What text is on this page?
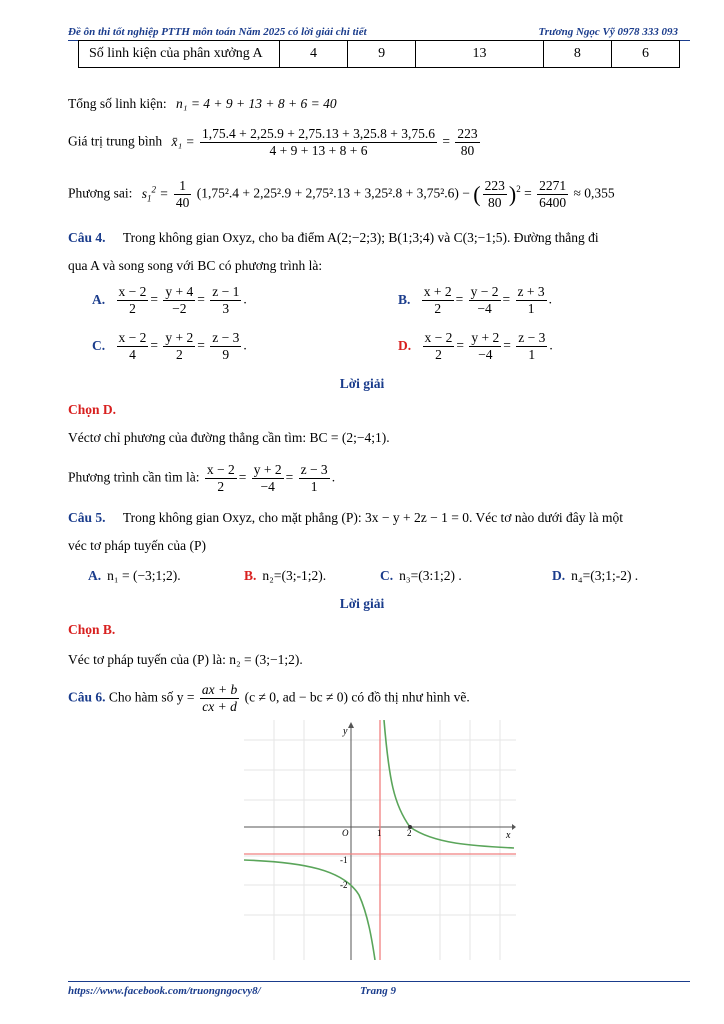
Đề ôn thi tốt nghiệp PTTH môn toán Năm 2025 có lời giải chi tiết	Trương Ngọc Vỹ 0978 333 093
Số linh kiện của phân xưởng A	4	9	13	8	6
Tổng số linh kiện: n₁ = 4 + 9 + 13 + 8 + 6 = 40
Giá trị trung bình x̄₁ = $\frac{1,75.4 + 2,25.9 + 2,75.13 + 3,25.8 + 3,75.6}{4 + 9 + 13 + 8 + 6} = \frac{223}{80}$
Phương sai: $s_1^2 = \frac{1}{40} (1,75^2.4 + 2,25^2.9 + 2,75^2.13 + 3,25^2.8 + 3,75^2.6)$ − ( $\frac{223}{80} )^2 = \frac{2271}{6400} \approx 0,355$
Câu 4. Trong không gian Oxyz, cho ba điểm A(2;−2;3); B(1;3;4) và C(3;−1;5). Đường thẳng đi
qua A và song song với BC có phương trình là:
A. $\frac{x - 2}{2} = \frac{y + 4}{-2} = \frac{z - 1}{3}$ .	B. $\frac{x + 2}{2} = \frac{y - 2}{-4} = \frac{z + 3}{1}$ .
C. $\frac{x - 2}{4} = \frac{y + 2}{2} = \frac{z - 3}{9}$ .	D. $\frac{x - 2}{2} = \frac{y + 2}{-4} = \frac{z - 3}{1}$ .
Lời giải
Chọn D.
Véctơ chỉ phương của đường thẳng cần tìm: BC = (2;−4;1).
Phương trình cần tìm là: $\frac{x - 2}{2} = \frac{y + 2}{-4} = \frac{z - 3}{1}$ .
Câu 5. Trong không gian Oxyz, cho mặt phẳng (P): 3x − y + 2z − 1 = 0. Véc tơ nào dưới đây là một
véc tơ pháp tuyến của (P)
A. n₁ = (−3;1;2).	B. n₂=(3;-1;2).	C. n₃=(3:1;2) .	D. n₄=(3;1;-2) .
Lời giải
Chọn B.
Véc tơ pháp tuyến của (P) là: n₂ = (3;−1;2).
Câu 6. Cho hàm số $y = \frac{ax + b}{cx + d} (c \ne 0$, ad − bc ≠ 0) có đồ thị như hình vẽ.
y
x
O	1	2
-1
-2
https://www.facebook.com/truongngocvy8/	Trang 9
